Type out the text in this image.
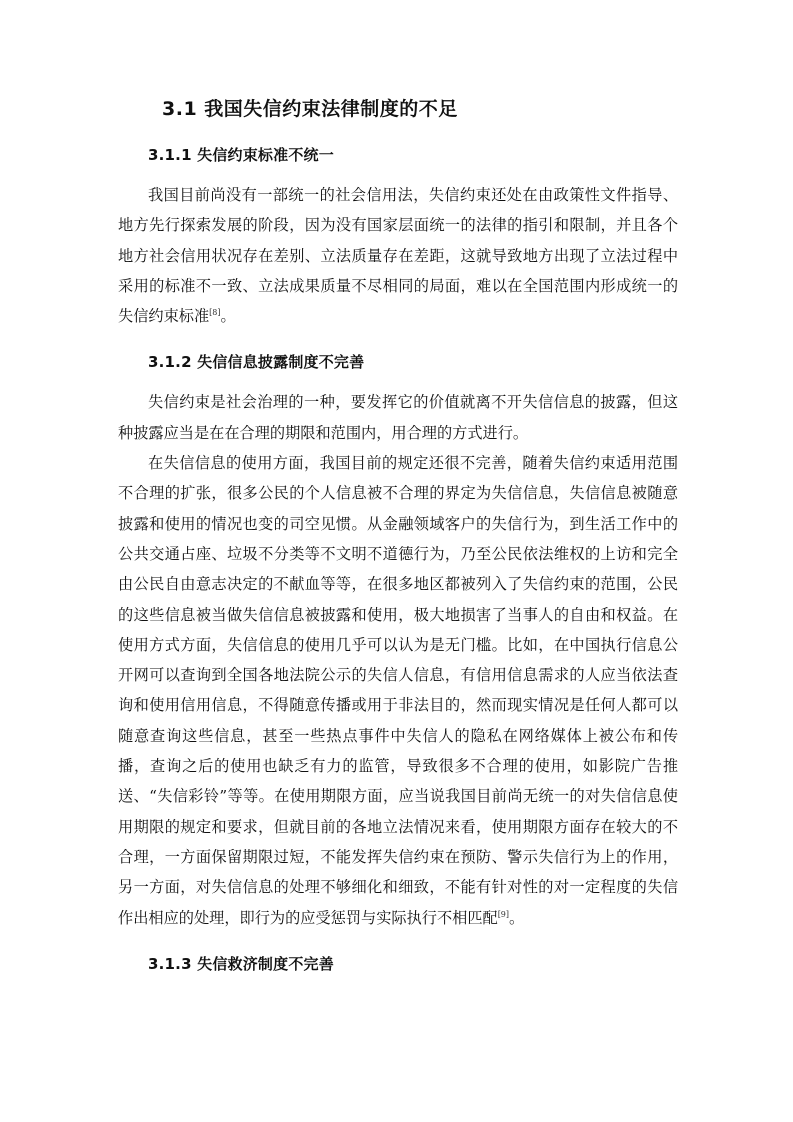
3.1 我国失信约束法律制度的不足
3.1.1 失信约束标准不统一

我国目前尚没有一部统一的社会信用法，失信约束还处在由政策性文件指导、地方先行探索发展的阶段，因为没有国家层面统一的法律的指引和限制，并且各个地方社会信用状况存在差别、立法质量存在差距，这就导致地方出现了立法过程中采用的标准不一致、立法成果质量不尽相同的局面，难以在全国范围内形成统一的失信约束标准[8]。

3.1.2 失信信息披露制度不完善

失信约束是社会治理的一种，要发挥它的价值就离不开失信信息的披露，但这种披露应当是在在合理的期限和范围内，用合理的方式进行。

在失信信息的使用方面，我国目前的规定还很不完善，随着失信约束适用范围不合理的扩张，很多公民的个人信息被不合理的界定为失信信息，失信信息被随意披露和使用的情况也变的司空见惯。从金融领域客户的失信行为，到生活工作中的公共交通占座、垃圾不分类等不文明不道德行为，乃至公民依法维权的上访和完全由公民自由意志决定的不献血等等，在很多地区都被列入了失信约束的范围，公民的这些信息被当做失信信息被披露和使用，极大地损害了当事人的自由和权益。在使用方式方面，失信信息的使用几乎可以认为是无门槛。比如，在中国执行信息公开网可以查询到全国各地法院公示的失信人信息，有信用信息需求的人应当依法查询和使用信用信息，不得随意传播或用于非法目的，然而现实情况是任何人都可以随意查询这些信息，甚至一些热点事件中失信人的隐私在网络媒体上被公布和传播，查询之后的使用也缺乏有力的监管，导致很多不合理的使用，如影院广告推送、“失信彩铃”等等。在使用期限方面，应当说我国目前尚无统一的对失信信息使用期限的规定和要求，但就目前的各地立法情况来看，使用期限方面存在较大的不合理，一方面保留期限过短，不能发挥失信约束在预防、警示失信行为上的作用，另一方面，对失信信息的处理不够细化和细致，不能有针对性的对一定程度的失信作出相应的处理，即行为的应受惩罚与实际执行不相匹配[9]。

3.1.3 失信救济制度不完善
